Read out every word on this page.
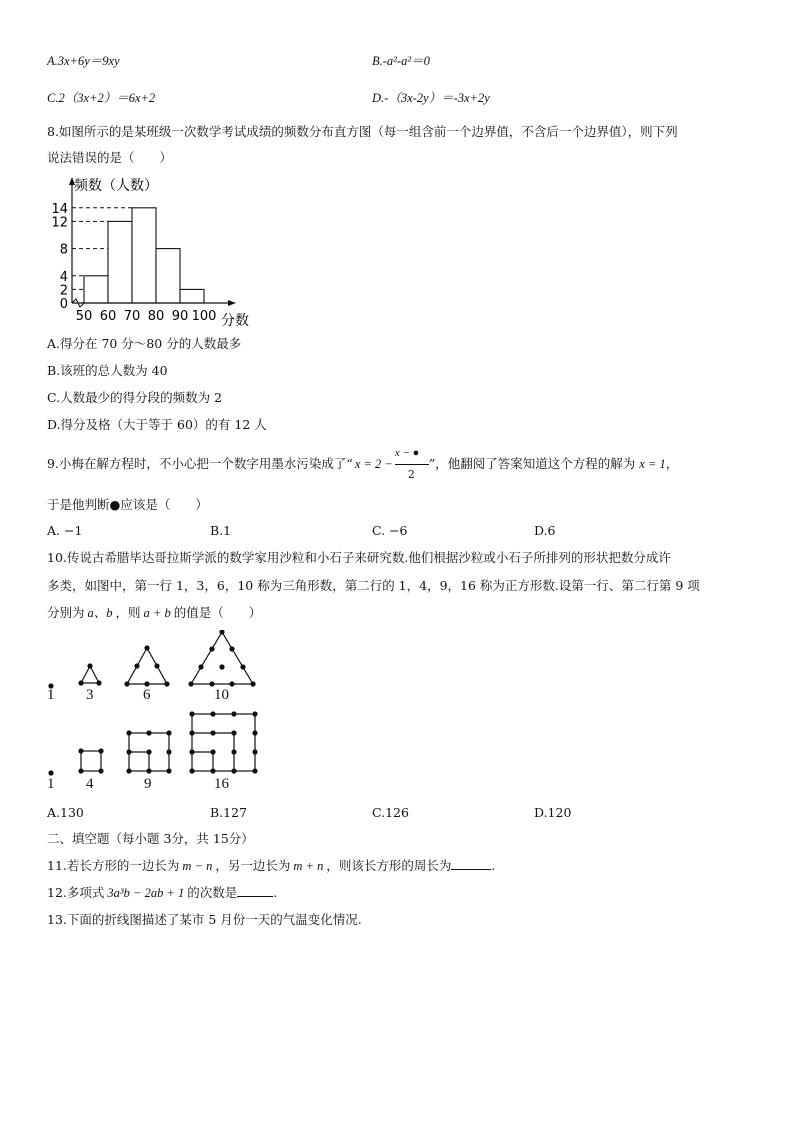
A.3x+6y＝9xy	B.-a²-a²＝0
C.2（3x+2）＝6x+2	D.-（3x-2y）＝-3x+2y
8.如图所示的是某班级一次数学考试成绩的频数分布直方图（每一组含前一个边界值，不含后一个边界值），则下列
说法错误的是（　　）
0
2
4
8
12
14
50 60 70 80 90 100
频数（人数）
分数
A.得分在 70 分～80 分的人数最多
B.该班的总人数为 40
C.人数最少的得分段的频数为 2
D.得分及格（大于等于 60）的有 12 人
9.小梅在解方程时，不小心把一个数字用墨水污染成了“ $x = 2 - \frac{x - ●}{2}$ ”，他翻阅了答案知道这个方程的解为 x = 1，
于是他判断●应该是（　　）
A. −1	B.1	C. −6	D.6
10.传说古希腊毕达哥拉斯学派的数学家用沙粒和小石子来研究数.他们根据沙粒或小石子所排列的形状把数分成许
多类，如图中，第一行 1，3，6，10 称为三角形数，第二行的 1，4，9，16 称为正方形数.设第一行、第二行第 9 项
分别为 a、b ，则 a + b 的值是（　　）
1 3	6	10
1 4	9	16
A.130	B.127	C.126	D.120
二、填空题（每小题 3分，共 15分）
11.若长方形的一边长为 m − n ，另一边长为 m + n ，则该长方形的周长为	.
12.多项式 3a³b − 2ab + 1 的次数是	.
13.下面的折线图描述了某市 5 月份一天的气温变化情况.
